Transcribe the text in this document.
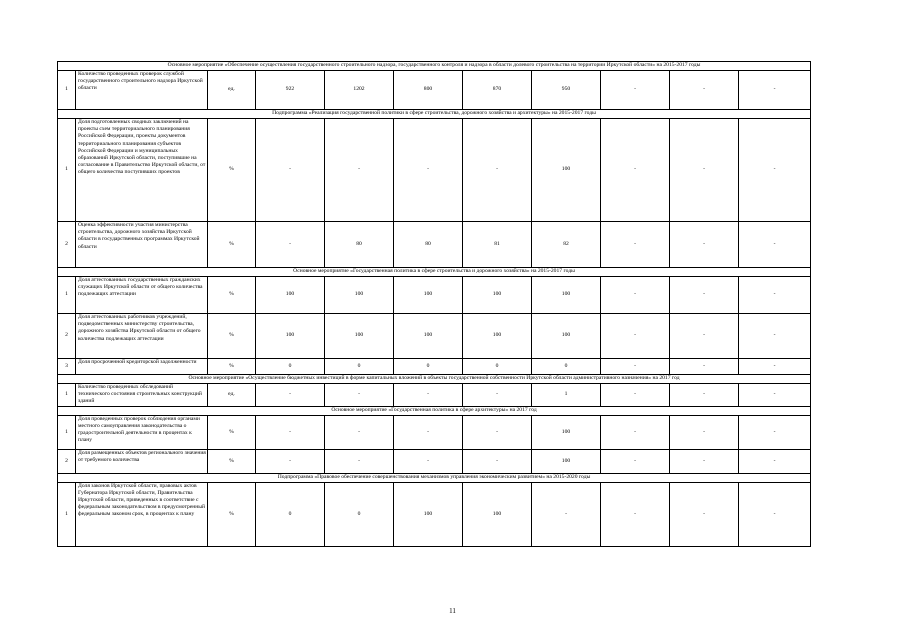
Основное мероприятие «Обеспечение осуществления государственного строительного надзора, государственного контроля и надзора в области долевого строительства на территории Иркутской области» на 2015-2017 годы										
1	Количество проведенных проверок службой государственного строительного надзора Иркутской области	ед.	922	1202	800	870	950	-	-	-
Подпрограмма «Реализация государственной политики в сфере строительства, дорожного хозяйства и архитектуры» на 2015-2017 годы										
1	Доля подготовленных сводных заключений на проекты схем территориального планирования Российской Федерации, проекты документов территориального планирования субъектов Российской Федерации и муниципальных образований Иркутской области, поступившие на согласование в Правительство Иркутской области, от общего количества поступивших проектов	%	-	-	-	-	100	-	-	-
2	Оценка эффективности участия министерства строительства, дорожного хозяйства Иркутской области в государственных программах Иркутской области	%	-	80	80	81	82	-	-	-
Основное мероприятие «Государственная политика в сфере строительства и дорожного хозяйства» на 2015-2017 годы										
1	Доля аттестованных государственных гражданских служащих Иркутской области от общего количества подлежащих аттестации	%	100	100	100	100	100	-	-	-
2	Доля аттестованных работников учреждений, подведомственных министерству строительства, дорожного хозяйства Иркутской области от общего количества подлежащих аттестации	%	100	100	100	100	100	-	-	-
3	Доля просроченной кредиторской задолженности	%	0	0	0	0	0	-	-	-
Основное мероприятие «Осуществление бюджетных инвестиций в форме капитальных вложений в объекты государственной собственности Иркутской области административного назначения» на 2017 год										
1	Количество проведенных обследований технического состояния строительных конструкций зданий	ед.	-	-	-	-	1	-	-	-
Основное мероприятие «Государственная политика в сфере архитектуры» на 2017 год										
1	Доля проведенных проверок соблюдения органами местного самоуправления законодательства о градостроительной деятельности в процентах к плану	%	-	-	-	-	100	-	-	-
2	Доля размещенных объектов регионального значения от требуемого количества	%	-	-	-	-	100	-	-	-
Подпрограмма «Правовое обеспечение совершенствования механизмов управления экономическим развитием» на 2015-2020 годы										
1	Доля законов Иркутской области, правовых актов Губернатора Иркутской области, Правительства Иркутской области, приведенных в соответствие с федеральным законодательством в предусмотренный федеральным законом срок, в процентах к плану	%	0	0	100	100	-	-	-	-
11
